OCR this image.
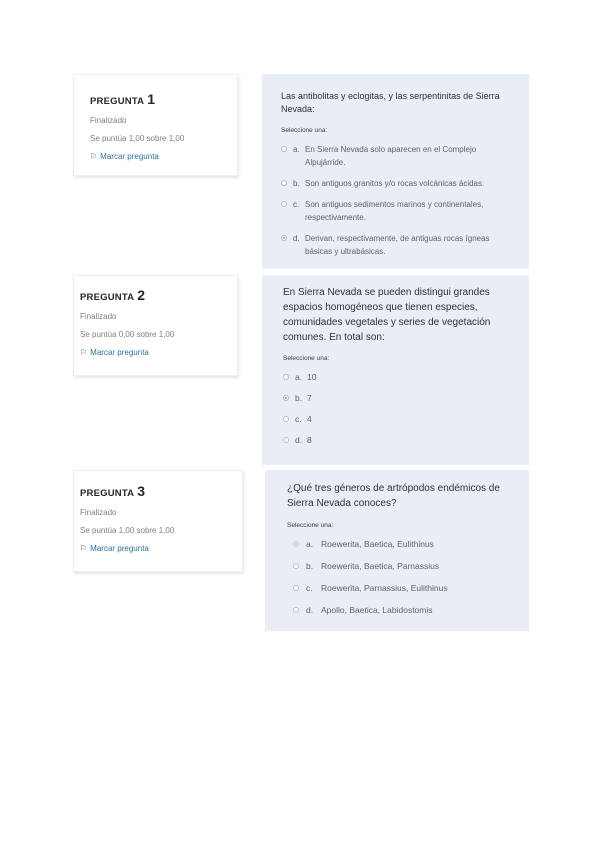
PREGUNTA 1
Finalizado
Se puntúa 1,00 sobre 1,00
⚐ Marcar pregunta
Las antibolitas y eclogitas, y las serpentinitas de Sierra Nevada:
Seleccione una:
a. En Sierra Nevada solo aparecen en el Complejo Alpujárride.
b. Son antiguos granitos y/o rocas volcánicas ácidas.
c. Son antiguos sedimentos marinos y continentales, respectivamente.
d. Derivan, respectivamente, de antiguas rocas ígneas básicas y ultrabásicas.
PREGUNTA 2
Finalizado
Se puntúa 0,00 sobre 1,00
⚐ Marcar pregunta
En Sierra Nevada se pueden distingui grandes espacios homogéneos que tienen especies, comunidades vegetales y series de vegetación comunes. En total son:
Seleccione una:
a. 10
b. 7
c. 4
d. 8
PREGUNTA 3
Finalizado
Se puntúa 1,00 sobre 1,00
⚐ Marcar pregunta
¿Qué tres géneros de artrópodos endémicos de Sierra Nevada conoces?
Seleccione una:
a. Roewerita, Baetica, Eulithinus
b. Roewerita, Baetica, Parnassius
c. Roewerita, Parnassius, Eulithinus
d. Apollo, Baetica, Labidostomis
